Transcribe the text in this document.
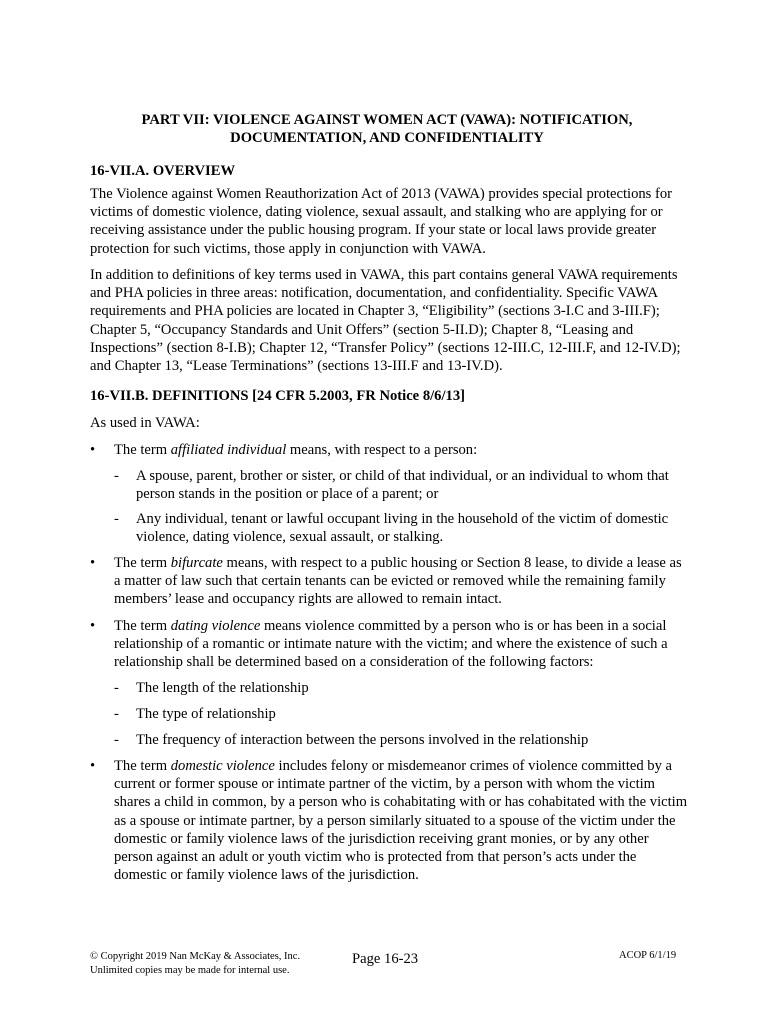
PART VII: VIOLENCE AGAINST WOMEN ACT (VAWA): NOTIFICATION,
DOCUMENTATION, AND CONFIDENTIALITY
16-VII.A. OVERVIEW
The Violence against Women Reauthorization Act of 2013 (VAWA) provides special protections for victims of domestic violence, dating violence, sexual assault, and stalking who are applying for or receiving assistance under the public housing program. If your state or local laws provide greater protection for such victims, those apply in conjunction with VAWA.
In addition to definitions of key terms used in VAWA, this part contains general VAWA requirements and PHA policies in three areas: notification, documentation, and confidentiality. Specific VAWA requirements and PHA policies are located in Chapter 3, “Eligibility” (sections 3-I.C and 3-III.F); Chapter 5, “Occupancy Standards and Unit Offers” (section 5-II.D); Chapter 8, “Leasing and Inspections” (section 8-I.B); Chapter 12, “Transfer Policy” (sections 12-III.C, 12-III.F, and 12-IV.D); and Chapter 13, “Lease Terminations” (sections 13-III.F and 13-IV.D).
16-VII.B. DEFINITIONS [24 CFR 5.2003, FR Notice 8/6/13]
As used in VAWA:
•	The term affiliated individual means, with respect to a person:
- A spouse, parent, brother or sister, or child of that individual, or an individual to whom that person stands in the position or place of a parent; or
- Any individual, tenant or lawful occupant living in the household of the victim of domestic violence, dating violence, sexual assault, or stalking.
•	The term bifurcate means, with respect to a public housing or Section 8 lease, to divide a lease as a matter of law such that certain tenants can be evicted or removed while the remaining family members’ lease and occupancy rights are allowed to remain intact.
•	The term dating violence means violence committed by a person who is or has been in a social relationship of a romantic or intimate nature with the victim; and where the existence of such a relationship shall be determined based on a consideration of the following factors:
- The length of the relationship
- The type of relationship
- The frequency of interaction between the persons involved in the relationship
•	The term domestic violence includes felony or misdemeanor crimes of violence committed by a current or former spouse or intimate partner of the victim, by a person with whom the victim shares a child in common, by a person who is cohabitating with or has cohabitated with the victim as a spouse or intimate partner, by a person similarly situated to a spouse of the victim under the domestic or family violence laws of the jurisdiction receiving grant monies, or by any other person against an adult or youth victim who is protected from that person’s acts under the domestic or family violence laws of the jurisdiction.
© Copyright 2019 Nan McKay & Associates, Inc.
Unlimited copies may be made for internal use.
Page 16-23	ACOP 6/1/19
